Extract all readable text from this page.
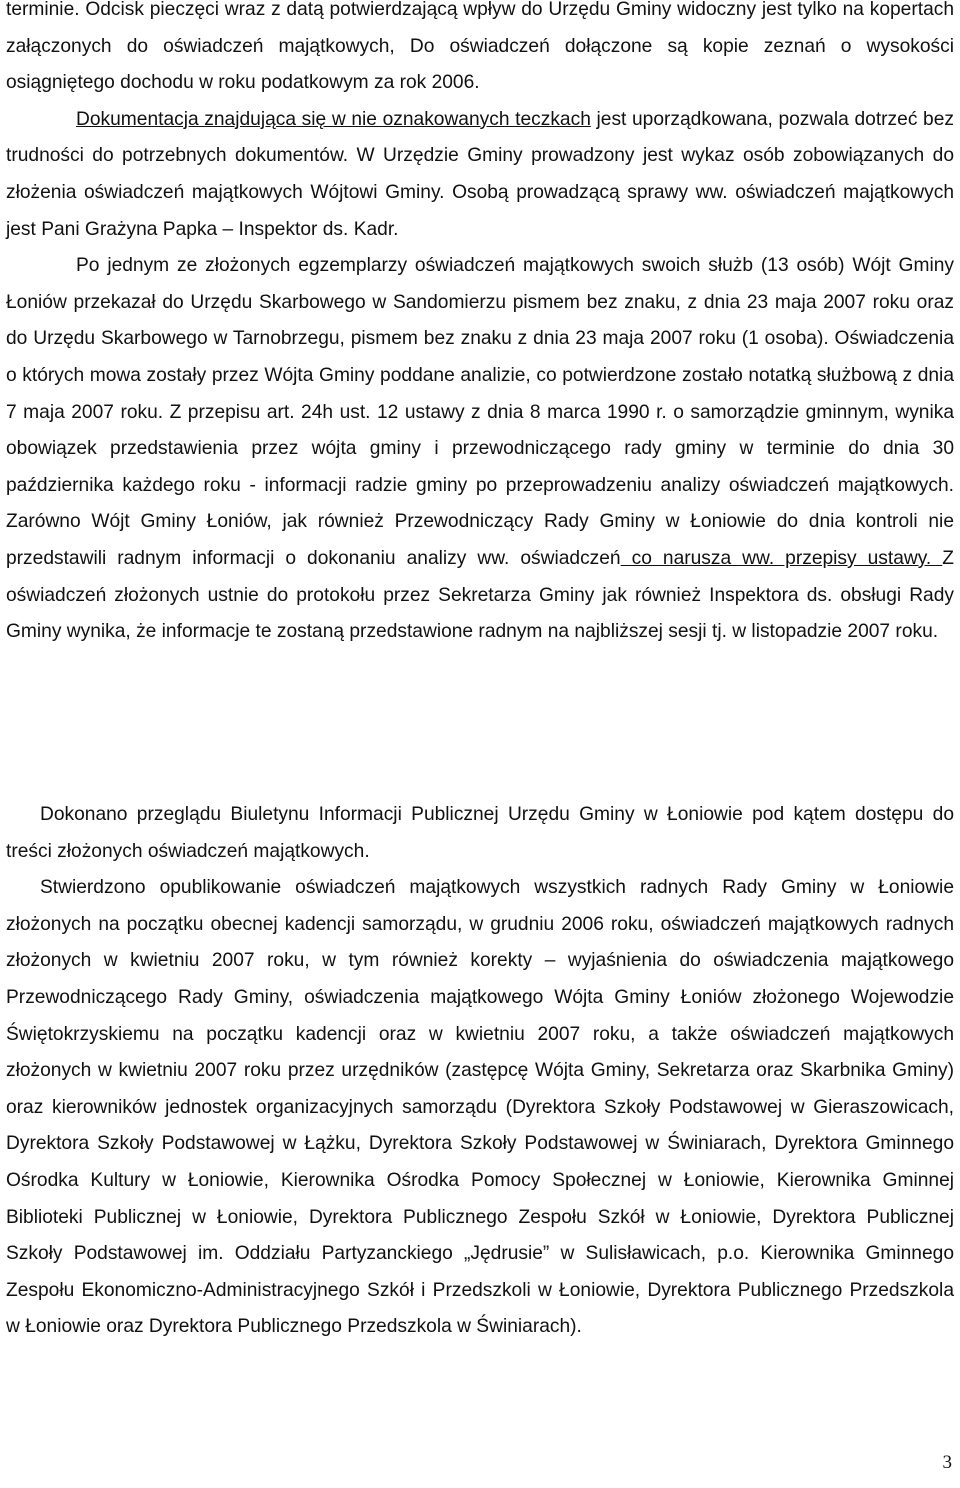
terminie. Odcisk pieczęci wraz z datą potwierdzającą wpływ do Urzędu Gminy widoczny jest tylko na kopertach załączonych do oświadczeń majątkowych, Do oświadczeń dołączone są kopie zeznań o wysokości osiągniętego dochodu w roku podatkowym za rok 2006.

Dokumentacja znajdująca się w nie oznakowanych teczkach jest uporządkowana, pozwala dotrzeć bez trudności do potrzebnych dokumentów. W Urzędzie Gminy prowadzony jest wykaz osób zobowiązanych do złożenia oświadczeń majątkowych Wójtowi Gminy. Osobą prowadzącą sprawy ww. oświadczeń majątkowych jest Pani Grażyna Papka – Inspektor ds. Kadr.

Po jednym ze złożonych egzemplarzy oświadczeń majątkowych swoich służb (13 osób) Wójt Gminy Łoniów przekazał do Urzędu Skarbowego w Sandomierzu pismem bez znaku, z dnia 23 maja 2007 roku oraz do Urzędu Skarbowego w Tarnobrzegu, pismem bez znaku z dnia 23 maja 2007 roku (1 osoba). Oświadczenia o których mowa zostały przez Wójta Gminy poddane analizie, co potwierdzone zostało notatką służbową z dnia 7 maja 2007 roku. Z przepisu art. 24h ust. 12 ustawy z dnia 8 marca 1990 r. o samorządzie gminnym, wynika obowiązek przedstawienia przez wójta gminy i przewodniczącego rady gminy w terminie do dnia 30 października każdego roku - informacji radzie gminy po przeprowadzeniu analizy oświadczeń majątkowych. Zarówno Wójt Gminy Łoniów, jak również Przewodniczący Rady Gminy w Łoniowie do dnia kontroli nie przedstawili radnym informacji o dokonaniu analizy ww. oświadczeń co narusza ww. przepisy ustawy. Z oświadczeń złożonych ustnie do protokołu przez Sekretarza Gminy jak również Inspektora ds. obsługi Rady Gminy wynika, że informacje te zostaną przedstawione radnym na najbliższej sesji tj. w listopadzie 2007 roku.

Dokonano przeglądu Biuletynu Informacji Publicznej Urzędu Gminy w Łoniowie pod kątem dostępu do treści złożonych oświadczeń majątkowych.

Stwierdzono opublikowanie oświadczeń majątkowych wszystkich radnych Rady Gminy w Łoniowie złożonych na początku obecnej kadencji samorządu, w grudniu 2006 roku, oświadczeń majątkowych radnych złożonych w kwietniu 2007 roku, w tym również korekty – wyjaśnienia do oświadczenia majątkowego Przewodniczącego Rady Gminy, oświadczenia majątkowego Wójta Gminy Łoniów złożonego Wojewodzie Świętokrzyskiemu na początku kadencji oraz w kwietniu 2007 roku, a także oświadczeń majątkowych złożonych w kwietniu 2007 roku przez urzędników (zastępcę Wójta Gminy, Sekretarza oraz Skarbnika Gminy) oraz kierowników jednostek organizacyjnych samorządu (Dyrektora Szkoły Podstawowej w Gieraszowicach, Dyrektora Szkoły Podstawowej w Łążku, Dyrektora Szkoły Podstawowej w Świniarach, Dyrektora Gminnego Ośrodka Kultury w Łoniowie, Kierownika Ośrodka Pomocy Społecznej w Łoniowie, Kierownika Gminnej Biblioteki Publicznej w Łoniowie, Dyrektora Publicznego Zespołu Szkół w Łoniowie, Dyrektora Publicznej Szkoły Podstawowej im. Oddziału Partyzanckiego „Jędrusie” w Sulisławicach, p.o. Kierownika Gminnego Zespołu Ekonomiczno-Administracyjnego Szkół i Przedszkoli w Łoniowie, Dyrektora Publicznego Przedszkola w Łoniowie oraz Dyrektora Publicznego Przedszkola w Świniarach).

3
